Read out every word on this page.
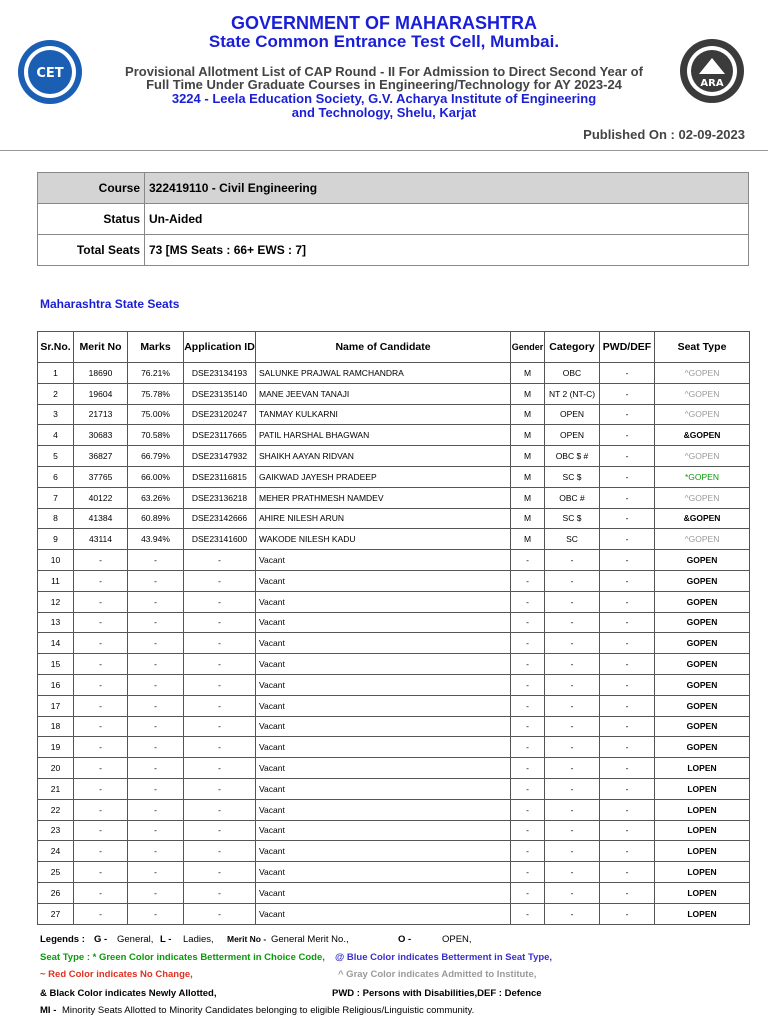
CET
ARA
GOVERNMENT OF MAHARASHTRA
State Common Entrance Test Cell, Mumbai.
Provisional Allotment List of CAP Round - II For Admission to Direct Second Year of
Full Time Under Graduate Courses in Engineering/Technology for AY 2023-24
3224 - Leela Education Society, G.V. Acharya Institute of Engineering
and Technology, Shelu, Karjat
Published On : 02-09-2023
Course	322419110 - Civil Engineering
Status	Un-Aided
Total Seats	73 [MS Seats : 66+ EWS : 7]
Maharashtra State Seats
Sr.No.	Merit No	Marks	Application ID	Name of Candidate	Gender	Category	PWD/DEF	Seat Type
1	18690	76.21%	DSE23134193	SALUNKE PRAJWAL RAMCHANDRA	M	OBC	-	^GOPEN
2	19604	75.78%	DSE23135140	MANE JEEVAN TANAJI	M	NT 2 (NT-C)	-	^GOPEN
3	21713	75.00%	DSE23120247	TANMAY KULKARNI	M	OPEN	-	^GOPEN
4	30683	70.58%	DSE23117665	PATIL HARSHAL BHAGWAN	M	OPEN	-	&GOPEN
5	36827	66.79%	DSE23147932	SHAIKH AAYAN RIDVAN	M	OBC $ #	-	^GOPEN
6	37765	66.00%	DSE23116815	GAIKWAD JAYESH PRADEEP	M	SC $	-	*GOPEN
7	40122	63.26%	DSE23136218	MEHER PRATHMESH NAMDEV	M	OBC #	-	^GOPEN
8	41384	60.89%	DSE23142666	AHIRE NILESH ARUN	M	SC $	-	&GOPEN
9	43114	43.94%	DSE23141600	WAKODE NILESH KADU	M	SC	-	^GOPEN
10	-	-	-	Vacant	-	-	-	GOPEN
11	-	-	-	Vacant	-	-	-	GOPEN
12	-	-	-	Vacant	-	-	-	GOPEN
13	-	-	-	Vacant	-	-	-	GOPEN
14	-	-	-	Vacant	-	-	-	GOPEN
15	-	-	-	Vacant	-	-	-	GOPEN
16	-	-	-	Vacant	-	-	-	GOPEN
17	-	-	-	Vacant	-	-	-	GOPEN
18	-	-	-	Vacant	-	-	-	GOPEN
19	-	-	-	Vacant	-	-	-	GOPEN
20	-	-	-	Vacant	-	-	-	LOPEN
21	-	-	-	Vacant	-	-	-	LOPEN
22	-	-	-	Vacant	-	-	-	LOPEN
23	-	-	-	Vacant	-	-	-	LOPEN
24	-	-	-	Vacant	-	-	-	LOPEN
25	-	-	-	Vacant	-	-	-	LOPEN
26	-	-	-	Vacant	-	-	-	LOPEN
27	-	-	-	Vacant	-	-	-	LOPEN
Legends : G - General, L - Ladies, Merit No - General Merit No.,	O -	OPEN,
Seat Type : * Green Color indicates Betterment in Choice Code, @ Blue Color indicates Betterment in Seat Type,
~ Red Color indicates No Change,	^ Gray Color indicates Admitted to Institute,
& Black Color indicates Newly Allotted,	PWD : Persons with Disabilities,DEF : Defence
MI - Minority Seats Allotted to Minority Candidates belonging to eligible Religious/Linguistic community.
